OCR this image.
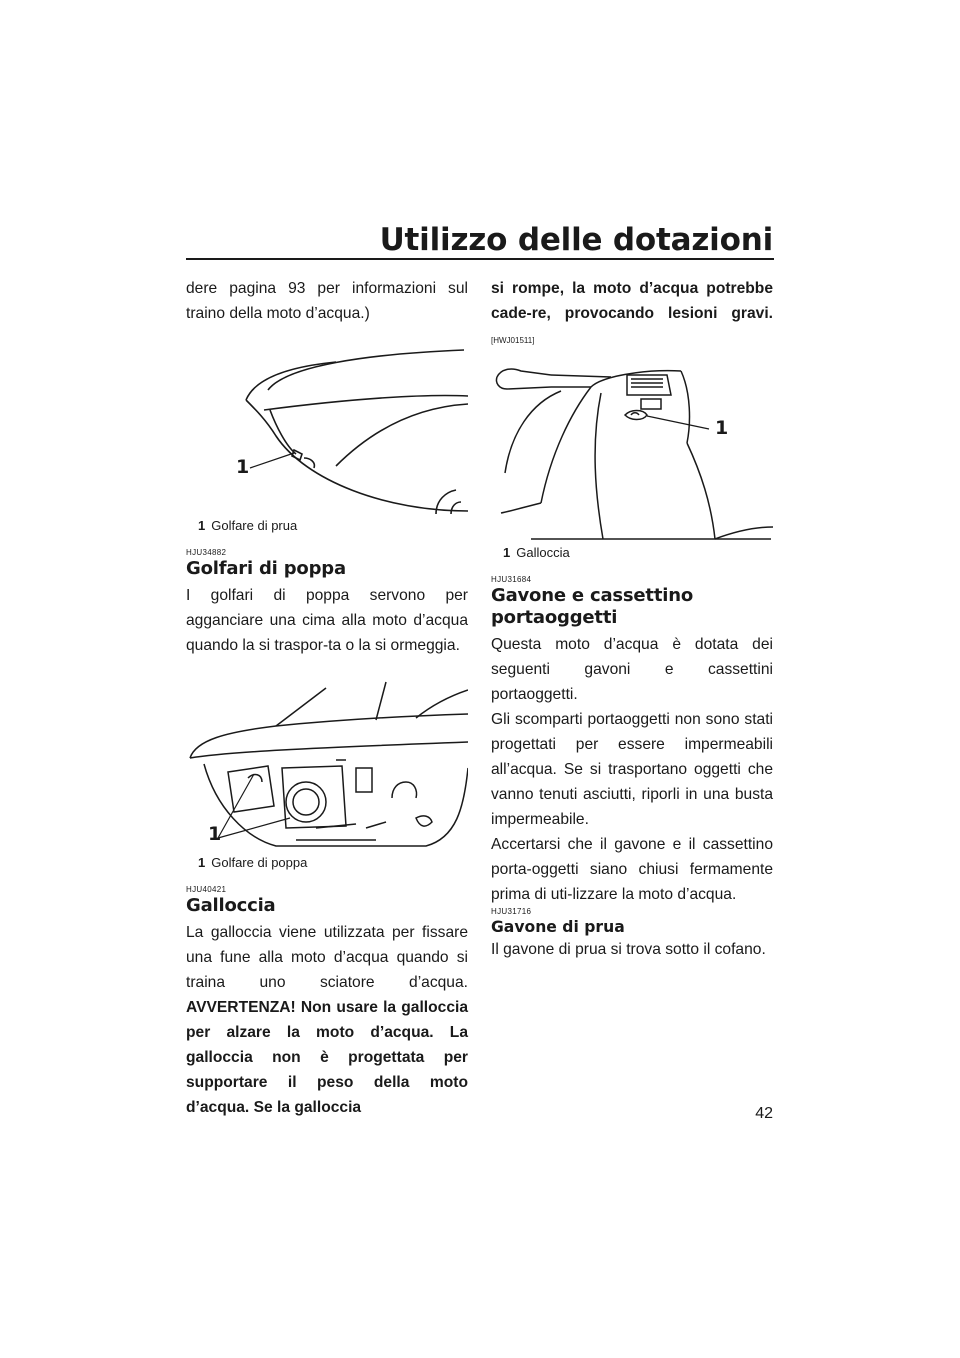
Utilizzo delle dotazioni

dere pagina 93 per informazioni sul traino della moto d’acqua.)

1
1 Golfare di prua
HJU34882
Golfari di poppa

I golfari di poppa servono per agganciare una cima alla moto d’acqua quando la si traspor-ta o la si ormeggia.

1
1 Golfare di poppa
HJU40421
Galloccia

La galloccia viene utilizzata per fissare una fune alla moto d’acqua quando si traina uno sciatore d’acqua. AVVERTENZA! Non usare la galloccia per alzare la moto d’acqua. La galloccia non è progettata per supportare il peso della moto d’acqua. Se la galloccia

si rompe, la moto d’acqua potrebbe cade-re, provocando lesioni gravi. [HWJ01511]

1
1 Galloccia
HJU31684
Gavone e cassettino portaoggetti

Questa moto d’acqua è dotata dei seguenti gavoni e cassettini portaoggetti.

Gli scomparti portaoggetti non sono stati progettati per essere impermeabili all’acqua. Se si trasportano oggetti che vanno tenuti asciutti, riporli in una busta impermeabile.

Accertarsi che il gavone e il cassettino porta-oggetti siano chiusi fermamente prima di uti-lizzare la moto d’acqua.

HJU31716
Gavone di prua

Il gavone di prua si trova sotto il cofano.

42
